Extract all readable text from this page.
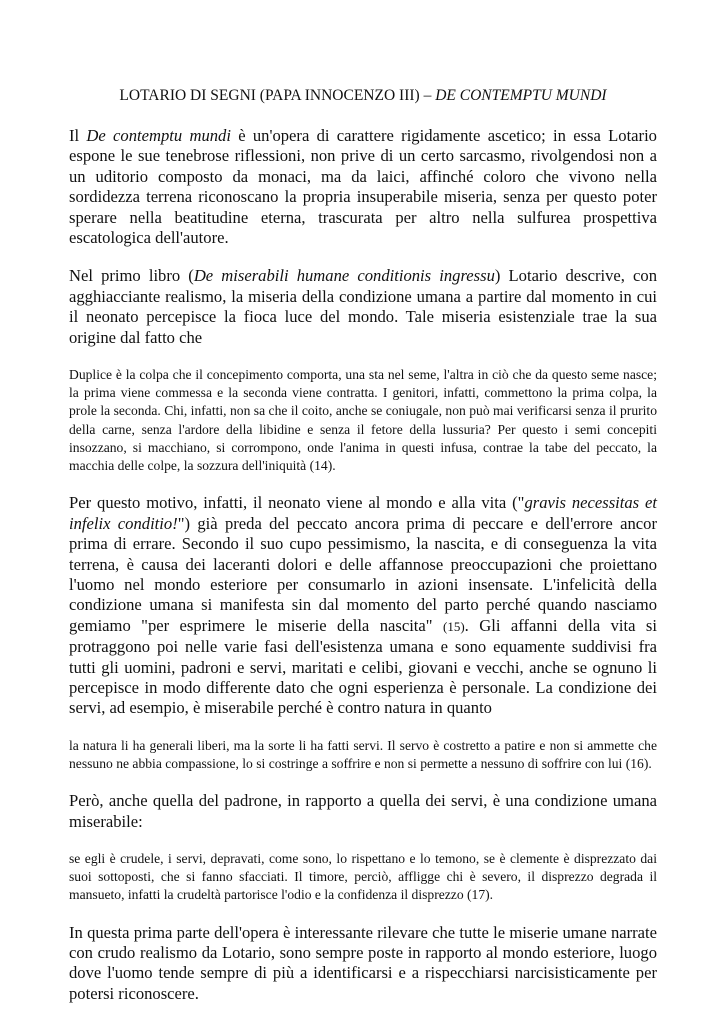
LOTARIO DI SEGNI (PAPA INNOCENZO III) – DE CONTEMPTU MUNDI

Il De contemptu mundi è un'opera di carattere rigidamente ascetico; in essa Lotario espone le sue tenebrose riflessioni, non prive di un certo sarcasmo, rivolgendosi non a un uditorio composto da monaci, ma da laici, affinché coloro che vivono nella sordidezza terrena riconoscano la propria insuperabile miseria, senza per questo poter sperare nella beatitudine eterna, trascurata per altro nella sulfurea prospettiva escatologica dell'autore.

Nel primo libro (De miserabili humane conditionis ingressu) Lotario descrive, con agghiacciante realismo, la miseria della condizione umana a partire dal momento in cui il neonato percepisce la fioca luce del mondo. Tale miseria esistenziale trae la sua origine dal fatto che

Duplice è la colpa che il concepimento comporta, una sta nel seme, l'altra in ciò che da questo seme nasce; la prima viene commessa e la seconda viene contratta. I genitori, infatti, commettono la prima colpa, la prole la seconda. Chi, infatti, non sa che il coito, anche se coniugale, non può mai verificarsi senza il prurito della carne, senza l'ardore della libidine e senza il fetore della lussuria? Per questo i semi concepiti insozzano, si macchiano, si corrompono, onde l'anima in questi infusa, contrae la tabe del peccato, la macchia delle colpe, la sozzura dell'iniquità (14).

Per questo motivo, infatti, il neonato viene al mondo e alla vita ("gravis necessitas et infelix conditio!") già preda del peccato ancora prima di peccare e dell'errore ancor prima di errare. Secondo il suo cupo pessimismo, la nascita, e di conseguenza la vita terrena, è causa dei laceranti dolori e delle affannose preoccupazioni che proiettano l'uomo nel mondo esteriore per consumarlo in azioni insensate. L'infelicità della condizione umana si manifesta sin dal momento del parto perché quando nasciamo gemiamo "per esprimere le miserie della nascita" (15). Gli affanni della vita si protraggono poi nelle varie fasi dell'esistenza umana e sono equamente suddivisi fra tutti gli uomini, padroni e servi, maritati e celibi, giovani e vecchi, anche se ognuno li percepisce in modo differente dato che ogni esperienza è personale. La condizione dei servi, ad esempio, è miserabile perché è contro natura in quanto

la natura li ha generali liberi, ma la sorte li ha fatti servi. Il servo è costretto a patire e non si ammette che nessuno ne abbia compassione, lo si costringe a soffrire e non si permette a nessuno di soffrire con lui (16).

Però, anche quella del padrone, in rapporto a quella dei servi, è una condizione umana miserabile:

se egli è crudele, i servi, depravati, come sono, lo rispettano e lo temono, se è clemente è disprezzato dai suoi sottoposti, che si fanno sfacciati. Il timore, perciò, affligge chi è severo, il disprezzo degrada il mansueto, infatti la crudeltà partorisce l'odio e la confidenza il disprezzo (17).

In questa prima parte dell'opera è interessante rilevare che tutte le miserie umane narrate con crudo realismo da Lotario, sono sempre poste in rapporto al mondo esteriore, luogo dove l'uomo tende sempre di più a identificarsi e a rispecchiarsi narcisisticamente per potersi riconoscere.
